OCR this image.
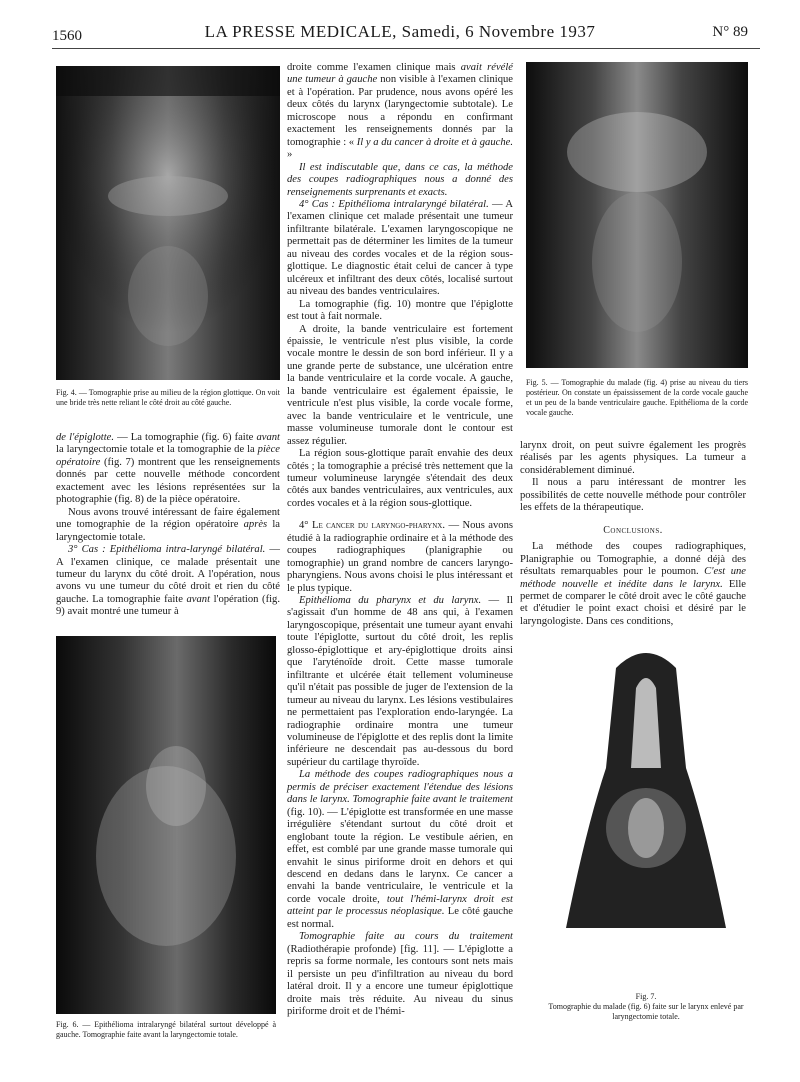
1560	LA PRESSE MEDICALE, Samedi, 6 Novembre 1937	N° 89
Fig. 4. — Tomographie prise au milieu de la région glottique. On voit une bride très nette reliant le côté droit au côté gauche.
Fig. 5. — Tomographie du malade (fig. 4) prise au niveau du tiers postérieur. On constate un épaississement de la corde vocale gauche et un peu de la bande ventriculaire gauche. Epithélioma de la corde vocale gauche.
Fig. 6. — Epithélioma intralaryngé bilatéral surtout développé à gauche. Tomographie faite avant la laryngectomie totale.
Fig. 7.
Tomographie du malade (fig. 6) faite sur le larynx enlevé par laryngectomie totale.

de l'épiglotte. — La tomographie (fig. 6) faite avant la laryngectomie totale et la tomographie de la pièce opératoire (fig. 7) montrent que les renseignements donnés par cette nouvelle méthode concordent exactement avec les lésions représentées sur la photographie (fig. 8) de la pièce opératoire.

Nous avons trouvé intéressant de faire également une tomographie de la région opératoire après la laryngectomie totale.

3° Cas : Epithélioma intra-laryngé bilatéral. — A l'examen clinique, ce malade présentait une tumeur du larynx du côté droit. A l'opération, nous avons vu une tumeur du côté droit et rien du côté gauche. La tomographie faite avant l'opération (fig. 9) avait montré une tumeur à

droite comme l'examen clinique mais avait révélé une tumeur à gauche non visible à l'examen clinique et à l'opération. Par prudence, nous avons opéré les deux côtés du larynx (laryngectomie subtotale). Le microscope nous a répondu en confirmant exactement les renseignements donnés par la tomographie : « Il y a du cancer à droite et à gauche. »

Il est indiscutable que, dans ce cas, la méthode des coupes radiographiques nous a donné des renseignements surprenants et exacts.

4° Cas : Epithélioma intralaryngé bilatéral. — A l'examen clinique cet malade présentait une tumeur infiltrante bilatérale. L'examen laryngoscopique ne permettait pas de déterminer les limites de la tumeur au niveau des cordes vocales et de la région sous-glottique. Le diagnostic était celui de cancer à type ulcéreux et infiltrant des deux côtés, localisé surtout au niveau des bandes ventriculaires.

La tomographie (fig. 10) montre que l'épiglotte est tout à fait normale.

A droite, la bande ventriculaire est fortement épaissie, le ventricule n'est plus visible, la corde vocale montre le dessin de son bord inférieur. Il y a une grande perte de substance, une ulcération entre la bande ventriculaire et la corde vocale. A gauche, la bande ventriculaire est également épaissie, le ventricule n'est plus visible, la corde vocale forme, avec la bande ventriculaire et le ventricule, une masse volumineuse tumorale dont le contour est assez régulier.

La région sous-glottique paraît envahie des deux côtés ; la tomographie a précisé très nettement que la tumeur volumineuse laryngée s'étendait des deux côtés aux bandes ventriculaires, aux ventricules, aux cordes vocales et à la région sous-glottique.

4° Le cancer du laryngo-pharynx. — Nous avons étudié à la radiographie ordinaire et à la méthode des coupes radiographiques (planigraphie ou tomographie) un grand nombre de cancers laryngo-pharyngiens. Nous avons choisi le plus intéressant et le plus typique.

Epithélioma du pharynx et du larynx. — Il s'agissait d'un homme de 48 ans qui, à l'examen laryngoscopique, présentait une tumeur ayant envahi toute l'épiglotte, surtout du côté droit, les replis glosso-épiglottique et ary-épiglottique droits ainsi que l'aryténoïde droit. Cette masse tumorale infiltrante et ulcérée était tellement volumineuse qu'il n'était pas possible de juger de l'extension de la tumeur au niveau du larynx. Les lésions vestibulaires ne permettaient pas l'exploration endo-laryngée. La radiographie ordinaire montra une tumeur volumineuse de l'épiglotte et des replis dont la limite inférieure ne descendait pas au-dessous du bord supérieur du cartilage thyroïde.

La méthode des coupes radiographiques nous a permis de préciser exactement l'étendue des lésions dans le larynx. Tomographie faite avant le traitement (fig. 10). — L'épiglotte est transformée en une masse irrégulière s'étendant surtout du côté droit et englobant toute la région. Le vestibule aérien, en effet, est comblé par une grande masse tumorale qui envahit le sinus piriforme droit en dehors et qui descend en dedans dans le larynx. Ce cancer a envahi la bande ventriculaire, le ventricule et la corde vocale droite, tout l'hémi-larynx droit est atteint par le processus néoplasique. Le côté gauche est normal.

Tomographie faite au cours du traitement (Radiothérapie profonde) [fig. 11]. — L'épiglotte a repris sa forme normale, les contours sont nets mais il persiste un peu d'infiltration au niveau du bord latéral droit. Il y a encore une tumeur épiglottique droite mais très réduite. Au niveau du sinus piriforme droit et de l'hémi-

larynx droit, on peut suivre également les progrès réalisés par les agents physiques. La tumeur a considérablement diminué.

Il nous a paru intéressant de montrer les possibilités de cette nouvelle méthode pour contrôler les effets de la thérapeutique.

Conclusions.

La méthode des coupes radiographiques, Planigraphie ou Tomographie, a donné déjà des résultats remarquables pour le poumon. C'est une méthode nouvelle et inédite dans le larynx. Elle permet de comparer le côté droit avec le côté gauche et d'étudier le point exact choisi et désiré par le laryngologiste. Dans ces conditions,
